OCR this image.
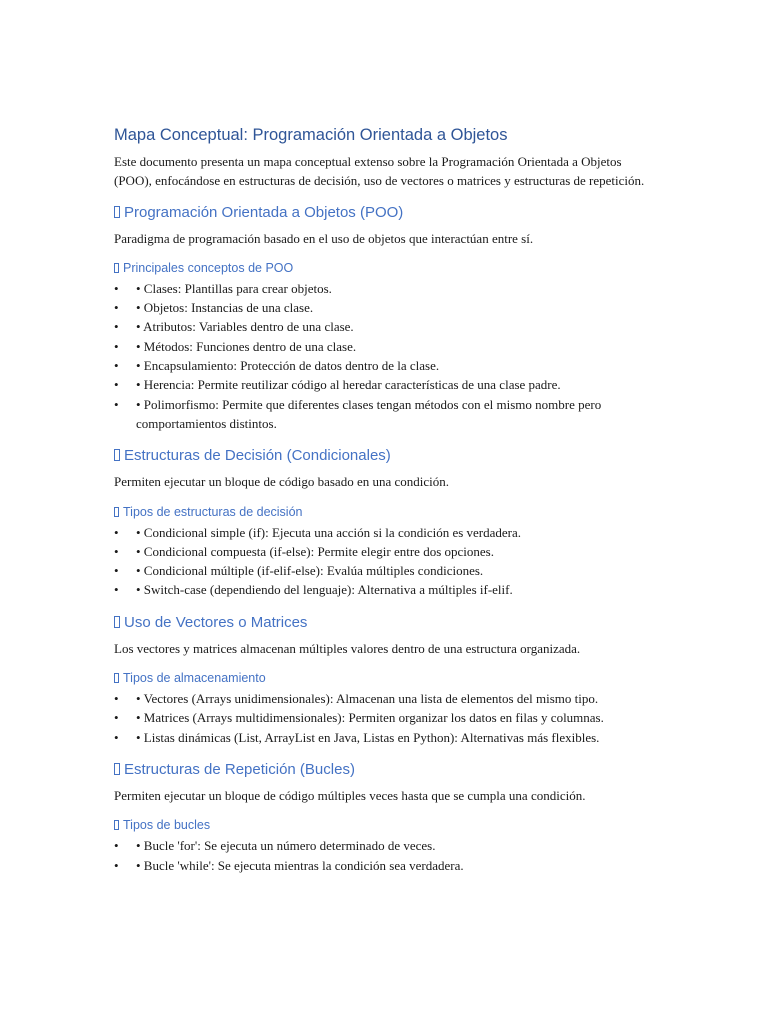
Mapa Conceptual: Programación Orientada a Objetos

Este documento presenta un mapa conceptual extenso sobre la Programación Orientada a Objetos (POO), enfocándose en estructuras de decisión, uso de vectores o matrices y estructuras de repetición.

Programación Orientada a Objetos (POO)

Paradigma de programación basado en el uso de objetos que interactúan entre sí.

Principales conceptos de POO
• • Clases: Plantillas para crear objetos.
• • Objetos: Instancias de una clase.
• • Atributos: Variables dentro de una clase.
• • Métodos: Funciones dentro de una clase.
• • Encapsulamiento: Protección de datos dentro de la clase.
• • Herencia: Permite reutilizar código al heredar características de una clase padre.
• • Polimorfismo: Permite que diferentes clases tengan métodos con el mismo nombre pero comportamientos distintos.
Estructuras de Decisión (Condicionales)

Permiten ejecutar un bloque de código basado en una condición.

Tipos de estructuras de decisión
• • Condicional simple (if): Ejecuta una acción si la condición es verdadera.
• • Condicional compuesta (if-else): Permite elegir entre dos opciones.
• • Condicional múltiple (if-elif-else): Evalúa múltiples condiciones.
• • Switch-case (dependiendo del lenguaje): Alternativa a múltiples if-elif.
Uso de Vectores o Matrices

Los vectores y matrices almacenan múltiples valores dentro de una estructura organizada.

Tipos de almacenamiento
• • Vectores (Arrays unidimensionales): Almacenan una lista de elementos del mismo tipo.
• • Matrices (Arrays multidimensionales): Permiten organizar los datos en filas y columnas.
• • Listas dinámicas (List, ArrayList en Java, Listas en Python): Alternativas más flexibles.
Estructuras de Repetición (Bucles)

Permiten ejecutar un bloque de código múltiples veces hasta que se cumpla una condición.

Tipos de bucles
• • Bucle 'for': Se ejecuta un número determinado de veces.
• • Bucle 'while': Se ejecuta mientras la condición sea verdadera.
